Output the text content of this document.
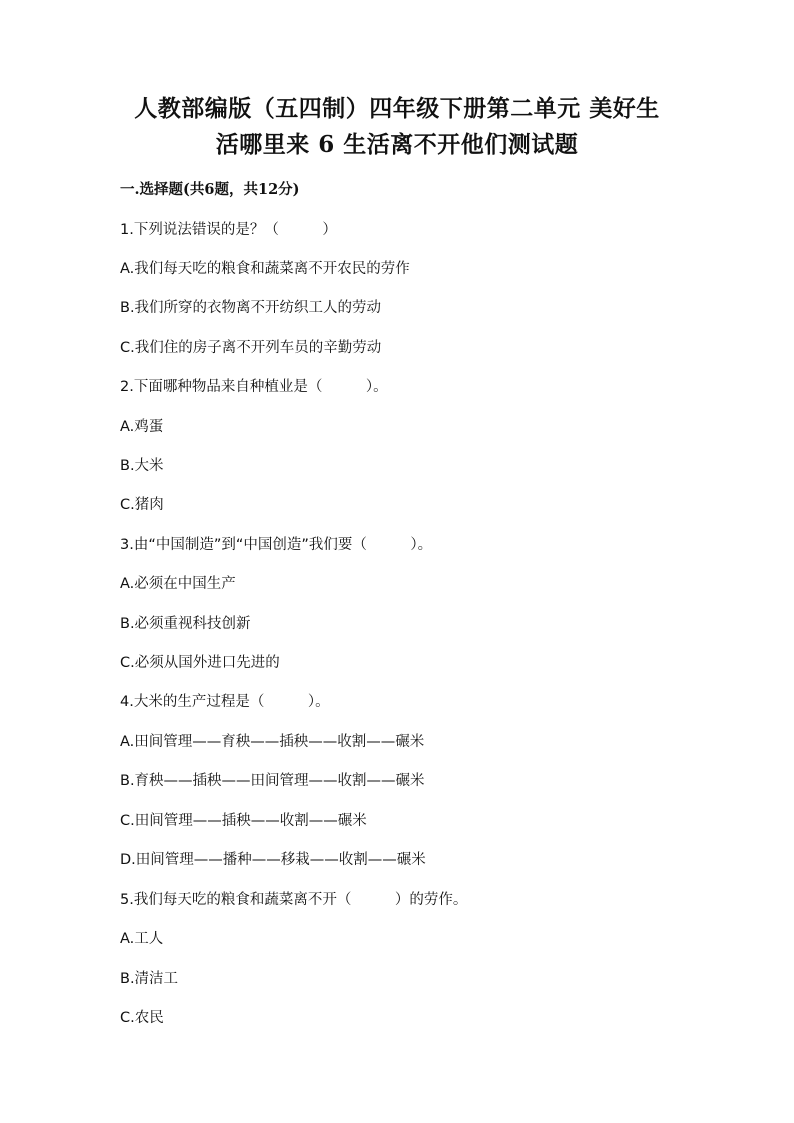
人教部编版（五四制）四年级下册第二单元 美好生
活哪里来 6 生活离不开他们测试题
一.选择题(共6题，共12分)
1.下列说法错误的是？（　　　）
A.我们每天吃的粮食和蔬菜离不开农民的劳作
B.我们所穿的衣物离不开纺织工人的劳动
C.我们住的房子离不开列车员的辛勤劳动
2.下面哪种物品来自种植业是（　　　）。
A.鸡蛋
B.大米
C.猪肉
3.由“中国制造”到“中国创造”我们要（　　　）。
A.必须在中国生产
B.必须重视科技创新
C.必须从国外进口先进的
4.大米的生产过程是（　　　）。
A.田间管理——育秧——插秧——收割——碾米
B.育秧——插秧——田间管理——收割——碾米
C.田间管理——插秧——收割——碾米
D.田间管理——播种——移栽——收割——碾米
5.我们每天吃的粮食和蔬菜离不开（　　　）的劳作。
A.工人
B.清洁工
C.农民
